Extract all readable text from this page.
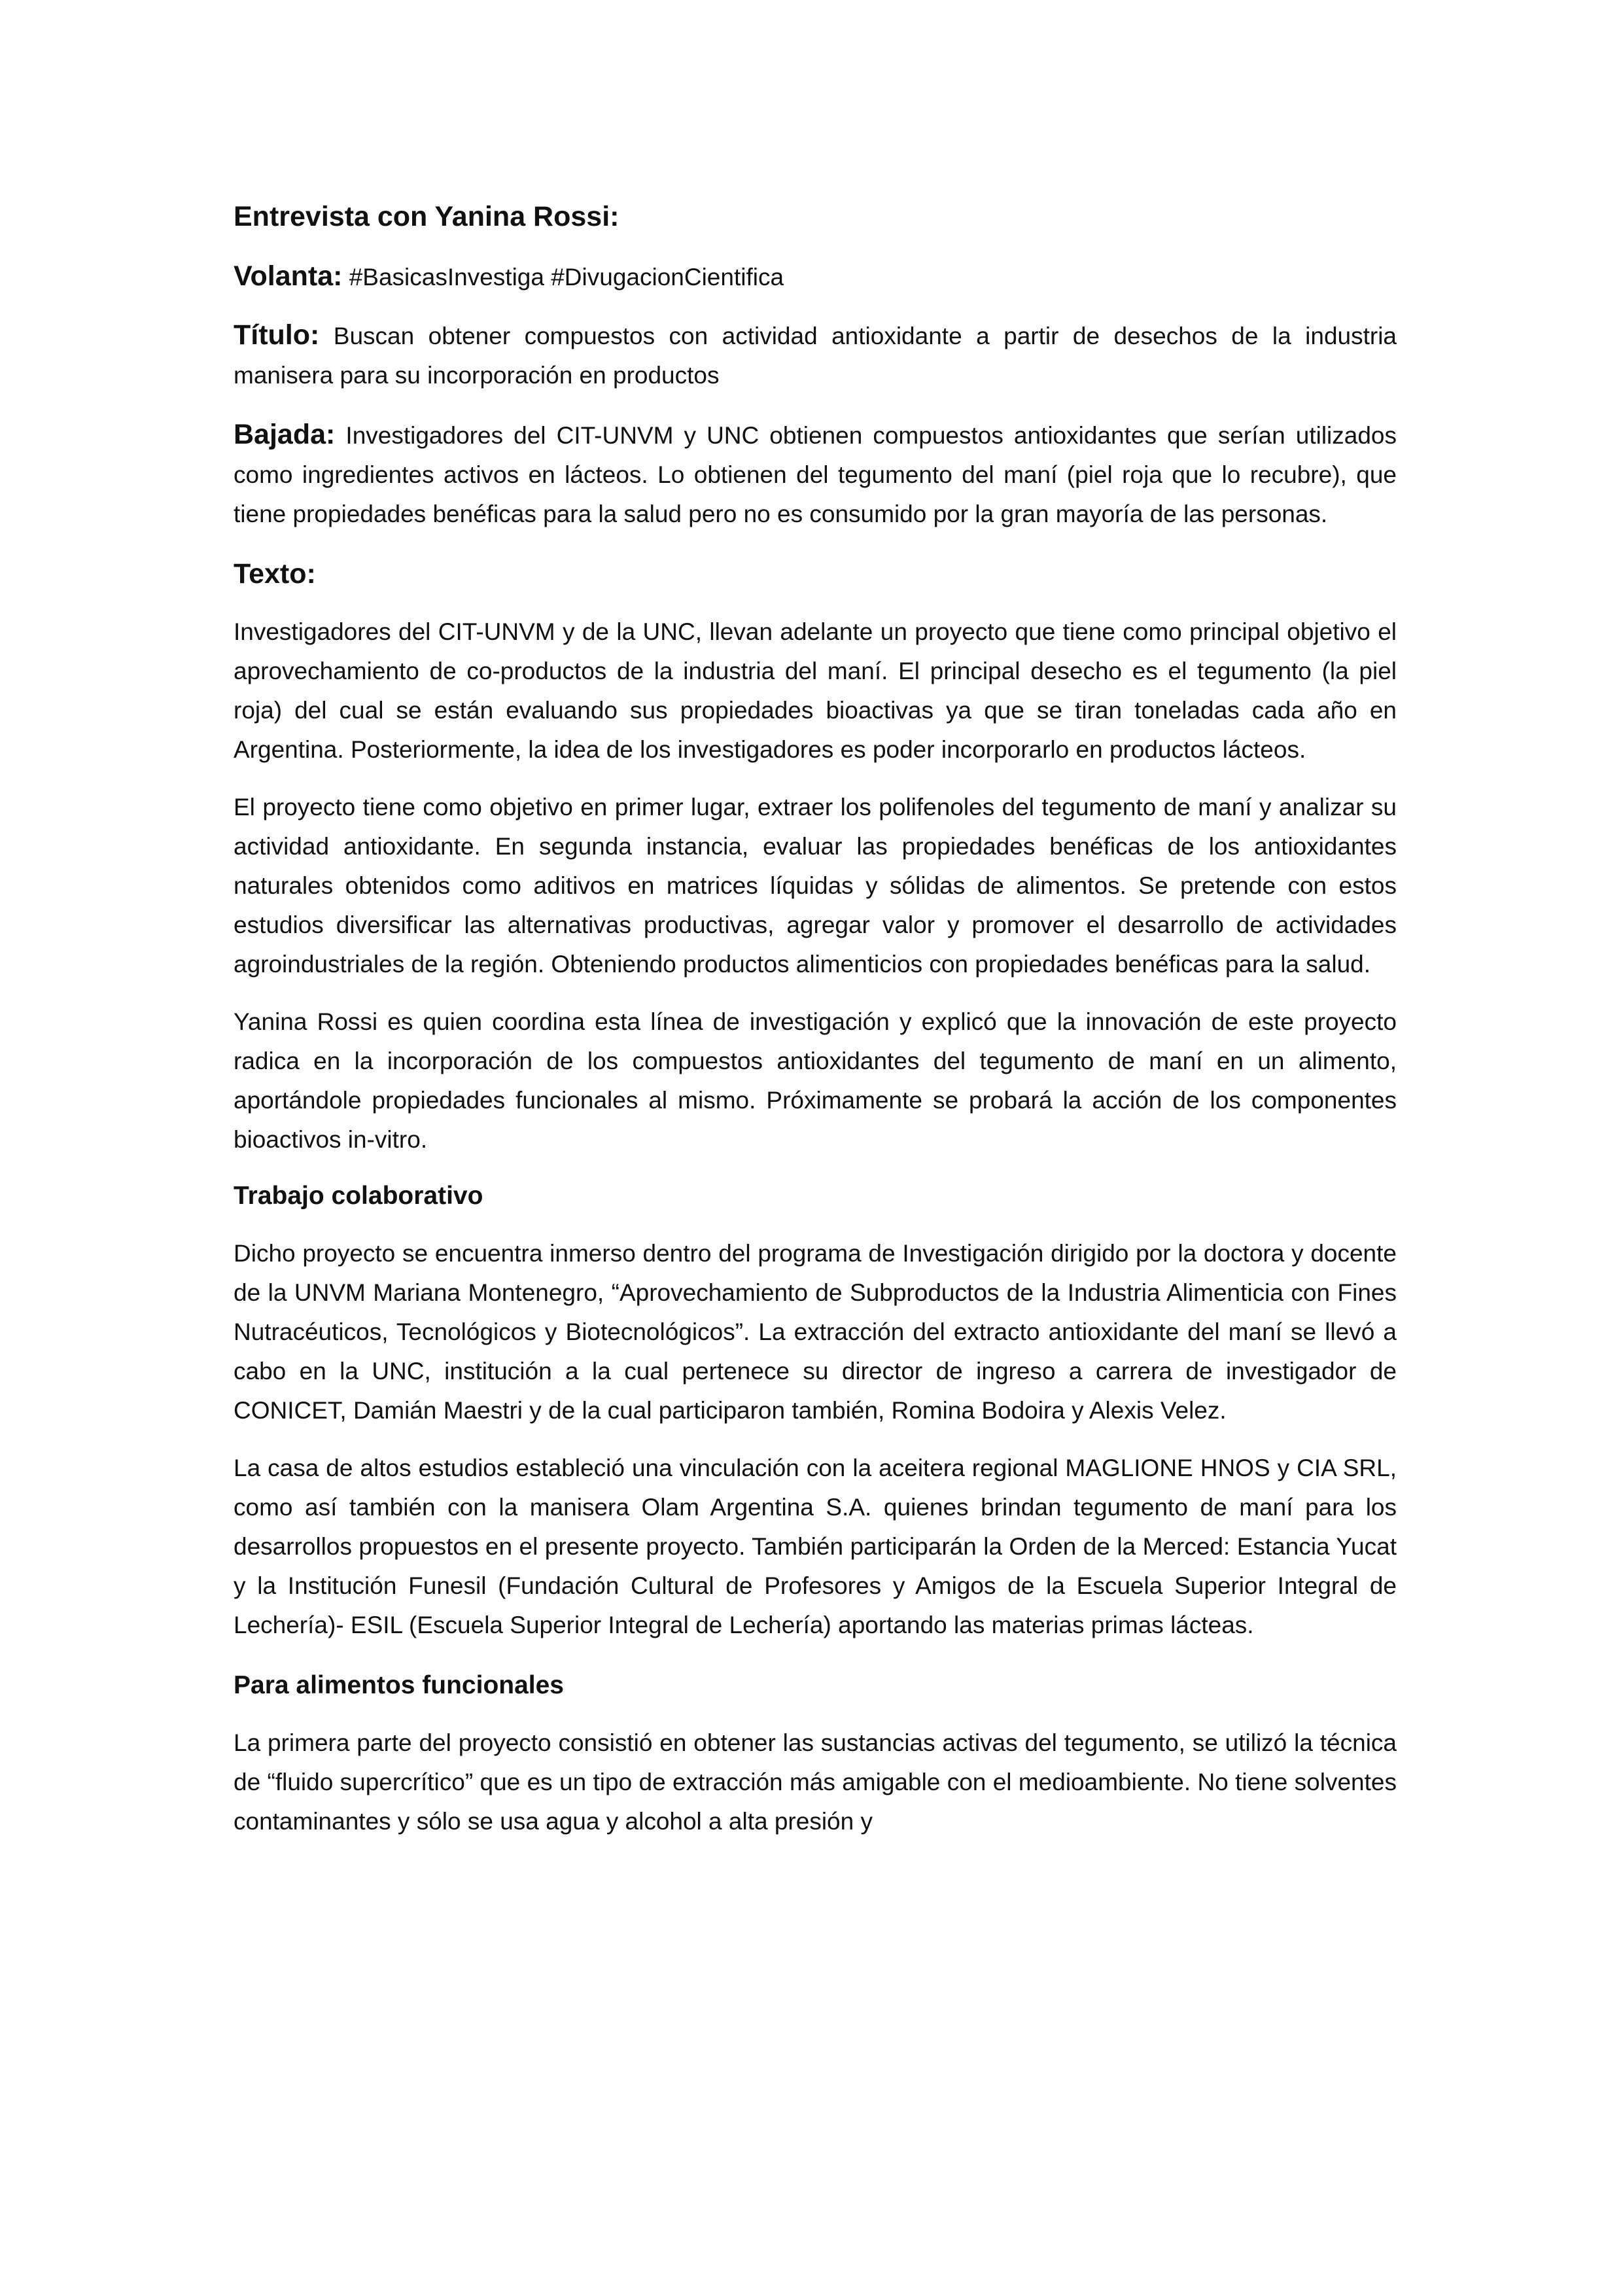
Entrevista con Yanina Rossi:

Volanta: #BasicasInvestiga #DivugacionCientifica

Título: Buscan obtener compuestos con actividad antioxidante a partir de desechos de la industria manisera para su incorporación en productos

Bajada: Investigadores del CIT-UNVM y UNC obtienen compuestos antioxidantes que serían utilizados como ingredientes activos en lácteos. Lo obtienen del tegumento del maní (piel roja que lo recubre), que tiene propiedades benéficas para la salud pero no es consumido por la gran mayoría de las personas.

Texto:

Investigadores del CIT-UNVM y de la UNC, llevan adelante un proyecto que tiene como principal objetivo el aprovechamiento de co-productos de la industria del maní. El principal desecho es el tegumento (la piel roja) del cual se están evaluando sus propiedades bioactivas ya que se tiran toneladas cada año en Argentina. Posteriormente, la idea de los investigadores es poder incorporarlo en productos lácteos.

El proyecto tiene como objetivo en primer lugar, extraer los polifenoles del tegumento de maní y analizar su actividad antioxidante. En segunda instancia, evaluar las propiedades benéficas de los antioxidantes naturales obtenidos como aditivos en matrices líquidas y sólidas de alimentos. Se pretende con estos estudios diversificar las alternativas productivas, agregar valor y promover el desarrollo de actividades agroindustriales de la región. Obteniendo productos alimenticios con propiedades benéficas para la salud.

Yanina Rossi es quien coordina esta línea de investigación y explicó que la innovación de este proyecto radica en la incorporación de los compuestos antioxidantes del tegumento de maní en un alimento, aportándole propiedades funcionales al mismo. Próximamente se probará la acción de los componentes bioactivos in-vitro.

Trabajo colaborativo

Dicho proyecto se encuentra inmerso dentro del programa de Investigación dirigido por la doctora y docente de la UNVM Mariana Montenegro, “Aprovechamiento de Subproductos de la Industria Alimenticia con Fines Nutracéuticos, Tecnológicos y Biotecnológicos”. La extracción del extracto antioxidante del maní se llevó a cabo en la UNC, institución a la cual pertenece su director de ingreso a carrera de investigador de CONICET, Damián Maestri y de la cual participaron también, Romina Bodoira y Alexis Velez.

La casa de altos estudios estableció una vinculación con la aceitera regional MAGLIONE HNOS y CIA SRL, como así también con la manisera Olam Argentina S.A. quienes brindan tegumento de maní para los desarrollos propuestos en el presente proyecto. También participarán la Orden de la Merced: Estancia Yucat y la Institución Funesil (Fundación Cultural de Profesores y Amigos de la Escuela Superior Integral de Lechería)- ESIL (Escuela Superior Integral de Lechería) aportando las materias primas lácteas.

Para alimentos funcionales

La primera parte del proyecto consistió en obtener las sustancias activas del tegumento, se utilizó la técnica de “fluido supercrítico” que es un tipo de extracción más amigable con el medioambiente. No tiene solventes contaminantes y sólo se usa agua y alcohol a alta presión y
